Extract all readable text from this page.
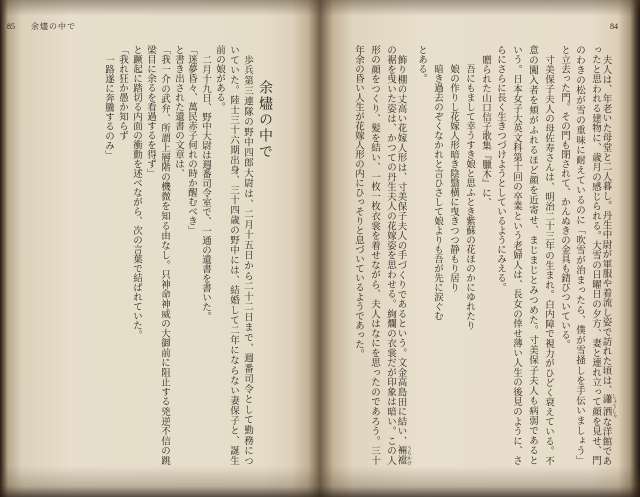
85 余燼の中で
余燼の中で
歩兵第三連隊の野中四郎大尉は、二月十五日から二十二日まで、週番司令として勤務につ
いていた。陸士三十六期出身、三十四歳の野中には、結婚して二年にならない妻保子と、誕生
前の娘がある。
二月十九日、野中大尉は週番司令室で、一通の遺書を書いた。
「迷夢昏々、萬民赤子何れの時か醒むべき」
と書き出された遺書の文章は、
「我一介の武弁、所謂上層階の機微を知る由なし。只神命神威の大御前に阻止する兇逆不信の跳
梁目に余るを看過するを得ず」
と蹶起に踏切る内面の衝動を述べながら、次の言葉で結ばれていた。
「我れ狂か愚か知らず
一路遂に奔騰するのみ」
84
夫人は、年老いた母堂と二人暮し。丹生中尉が軍服や着流し姿で訪れた頃は、瀟洒 しょうしゃな洋館であ
ったと思われる建物に、歳月の感じられる。大雪の日曜日の夕方、妻と連れ立って顔を見せ、門
のわきの松が雪の重味に耐えているのに「吹雪が治まったら、僕が雪掻しを手伝いましょう」
と立去った門。その門も閉されて、かんぬきの金具も錆びついている。
寸美保子夫人の母佐寿さんは、明治二十三年の生まれ。白内障で視力がひどく衰えている。不
意の闖入者を頬がふれるほど顔を近寄せ、まじまじとみつめた。寸美保子夫人も病弱であると
いう。日本女子大英文科第十回の卒業という老婦人は、長女の倖せ薄い人生の後見のように、さ
らにさらに長く生きつづけようとしているようにみえる。
贈られた山口信子歌集『臘木』に、
吾にもまして幸うすき娘と思ふとき紫蘇の花ほのかにゆれたり
娘の作りし花嫁人形暗き陰翳横に曳きつつ静もり居り
暗き過去のぞくなかれと言ひさして娘よりも吾が先に涙ぐむ
とある。
飾り棚の丈高い花嫁人形は、寸美保子夫人の手づくりであるという。文金高島田に結い、裲襠 うちかけ
の裾を曳いた姿は、かつての丹生夫人の花嫁姿を思わせる。絢爛の衣裳だが印象は暗い。この人
形の顔をつくり、髪を結い、一枚一枚衣裳を着せながら、夫人はなにを思ったのであろう。三十
年余の昏い人生が花嫁人形の内にひっそりと息づいているようであった。
